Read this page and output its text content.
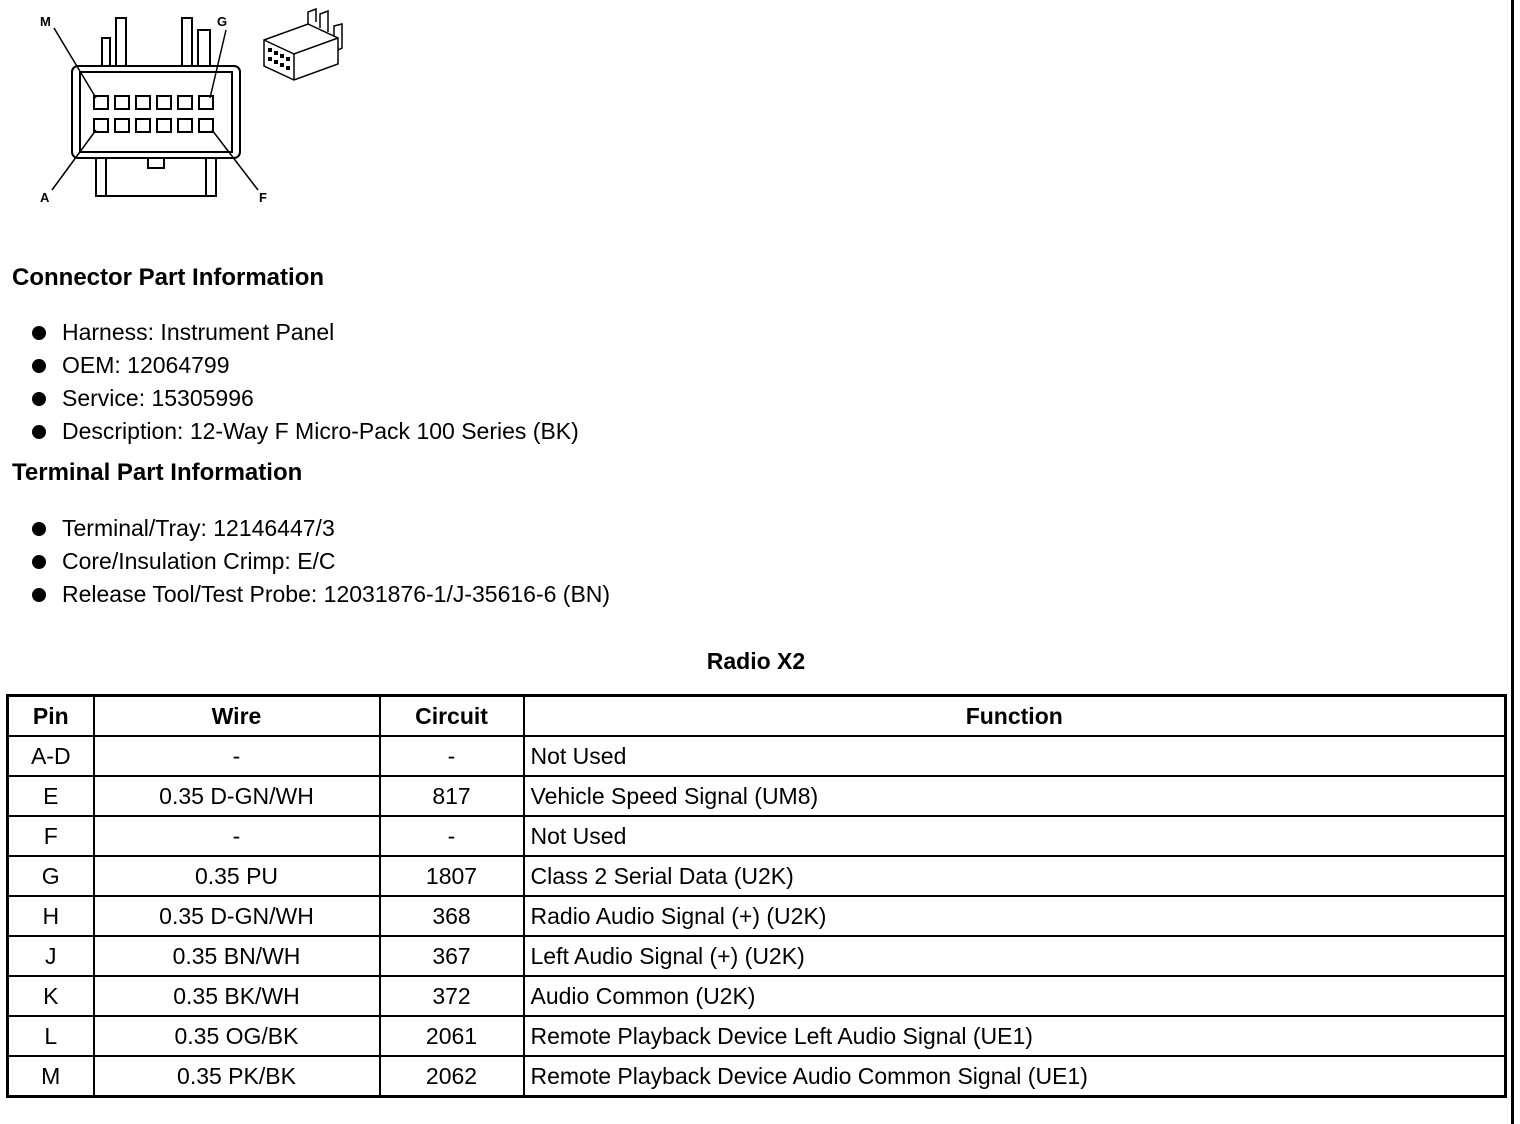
M	G
A	F
Connector Part Information
Harness: Instrument Panel
OEM: 12064799
Service: 15305996
Description: 12-Way F Micro-Pack 100 Series (BK)
Terminal Part Information
Terminal/Tray: 12146447/3
Core/Insulation Crimp: E/C
Release Tool/Test Probe: 12031876-1/J-35616-6 (BN)
Radio X2
Pin	Wire	Circuit	Function
A-D	-	-	Not Used
E	0.35 D-GN/WH	817	Vehicle Speed Signal (UM8)
F	-	-	Not Used
G	0.35 PU	1807	Class 2 Serial Data (U2K)
H	0.35 D-GN/WH	368	Radio Audio Signal (+) (U2K)
J	0.35 BN/WH	367	Left Audio Signal (+) (U2K)
K	0.35 BK/WH	372	Audio Common (U2K)
L	0.35 OG/BK	2061	Remote Playback Device Left Audio Signal (UE1)
M	0.35 PK/BK	2062	Remote Playback Device Audio Common Signal (UE1)
